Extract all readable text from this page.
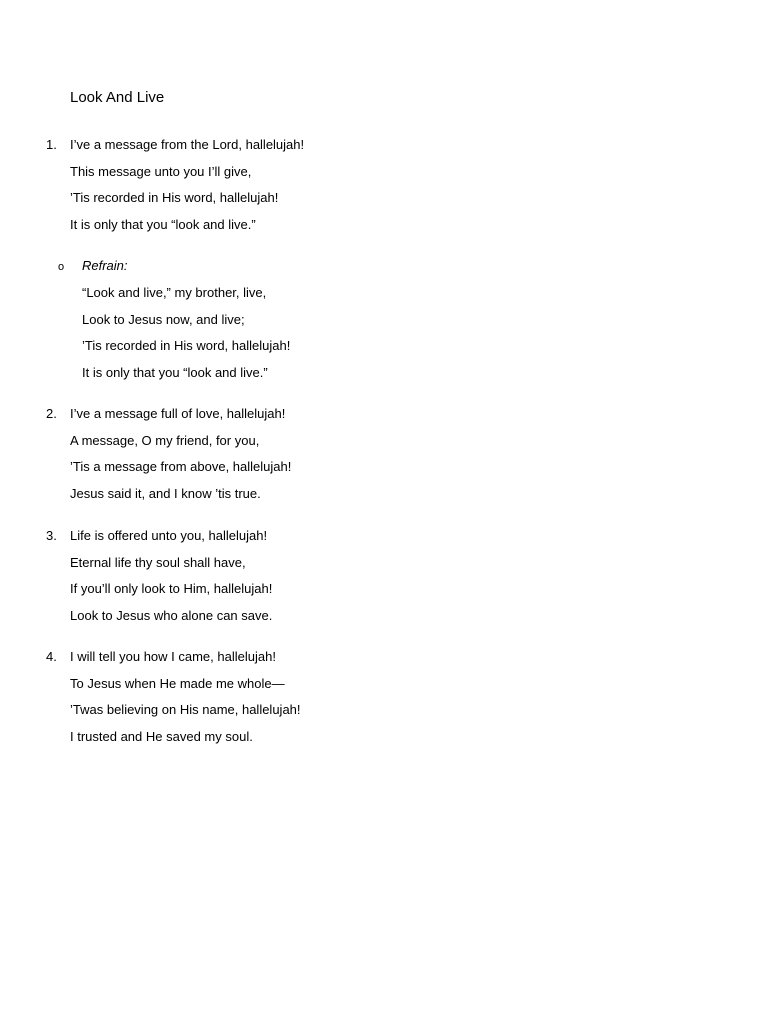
Look And Live
1.	I’ve a message from the Lord, hallelujah!
This message unto you I’ll give,
’Tis recorded in His word, hallelujah!
It is only that you “look and live.”
o Refrain:
“Look and live,” my brother, live,
Look to Jesus now, and live;
’Tis recorded in His word, hallelujah!
It is only that you “look and live.”
2.	I’ve a message full of love, hallelujah!
A message, O my friend, for you,
’Tis a message from above, hallelujah!
Jesus said it, and I know ’tis true.
3.	Life is offered unto you, hallelujah!
Eternal life thy soul shall have,
If you’ll only look to Him, hallelujah!
Look to Jesus who alone can save.
4.	I will tell you how I came, hallelujah!
To Jesus when He made me whole—
’Twas believing on His name, hallelujah!
I trusted and He saved my soul.
